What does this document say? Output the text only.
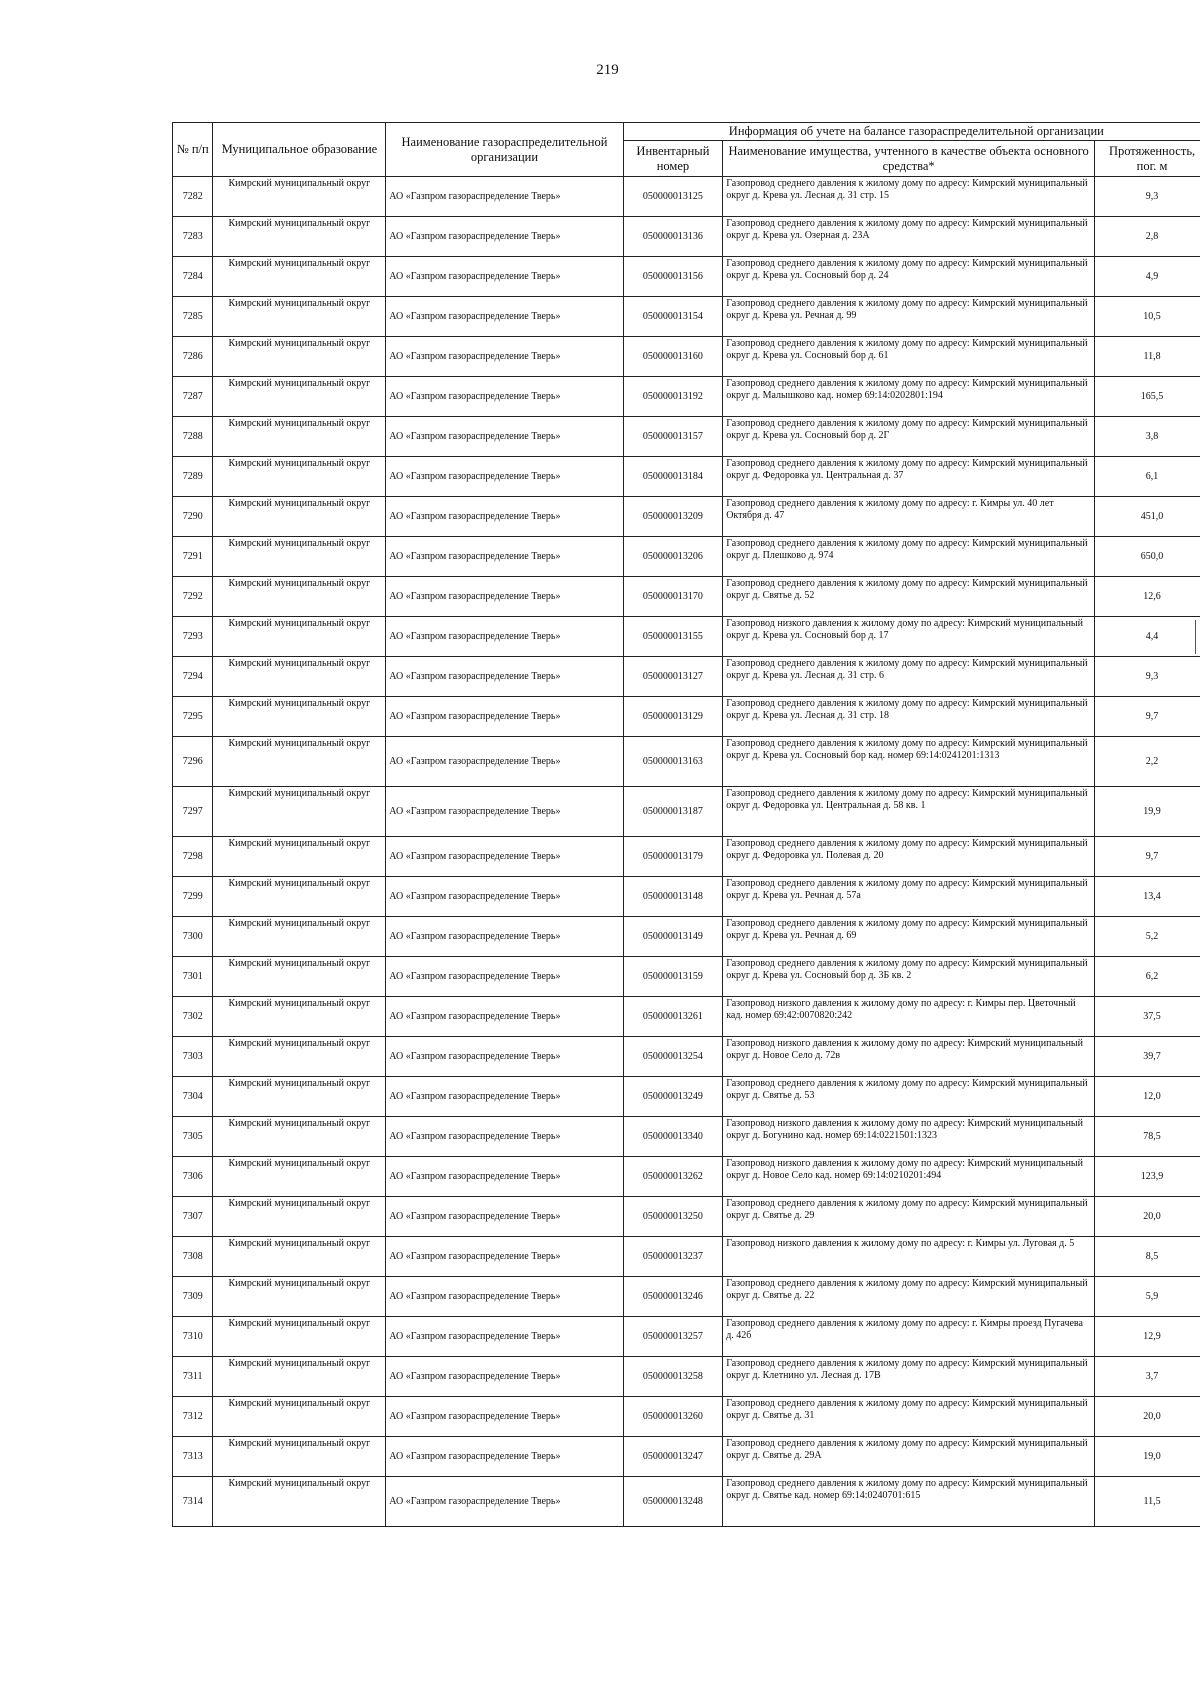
219
№ п/п	Муниципальное образование	Наименование газораспределительной организации	Информация об учете на балансе газораспределительной организации		
			Инвентарный номер	Наименование имущества, учтенного в качестве объекта основного средства*	Протяженность, пог. м
7282	Кимрский муниципальный округ	АО «Газпром газораспределение Тверь»	050000013125	Газопровод среднего давления к жилому дому по адресу: Кимрский муниципальный округ д. Крева ул. Лесная д. 31 стр. 15	9,3
7283	Кимрский муниципальный округ	АО «Газпром газораспределение Тверь»	050000013136	Газопровод среднего давления к жилому дому по адресу: Кимрский муниципальный округ д. Крева ул. Озерная д. 23А	2,8
7284	Кимрский муниципальный округ	АО «Газпром газораспределение Тверь»	050000013156	Газопровод среднего давления к жилому дому по адресу: Кимрский муниципальный округ д. Крева ул. Сосновый бор д. 24	4,9
7285	Кимрский муниципальный округ	АО «Газпром газораспределение Тверь»	050000013154	Газопровод среднего давления к жилому дому по адресу: Кимрский муниципальный округ д. Крева ул. Речная д. 99	10,5
7286	Кимрский муниципальный округ	АО «Газпром газораспределение Тверь»	050000013160	Газопровод среднего давления к жилому дому по адресу: Кимрский муниципальный округ д. Крева ул. Сосновый бор д. 61	11,8
7287	Кимрский муниципальный округ	АО «Газпром газораспределение Тверь»	050000013192	Газопровод среднего давления к жилому дому по адресу: Кимрский муниципальный округ д. Малышково кад. номер 69:14:0202801:194	165,5
7288	Кимрский муниципальный округ	АО «Газпром газораспределение Тверь»	050000013157	Газопровод среднего давления к жилому дому по адресу: Кимрский муниципальный округ д. Крева ул. Сосновый бор д. 2Г	3,8
7289	Кимрский муниципальный округ	АО «Газпром газораспределение Тверь»	050000013184	Газопровод среднего давления к жилому дому по адресу: Кимрский муниципальный округ д. Федоровка ул. Центральная д. 37	6,1
7290	Кимрский муниципальный округ	АО «Газпром газораспределение Тверь»	050000013209	Газопровод среднего давления к жилому дому по адресу: г. Кимры ул. 40 лет Октября д. 47	451,0
7291	Кимрский муниципальный округ	АО «Газпром газораспределение Тверь»	050000013206	Газопровод среднего давления к жилому дому по адресу: Кимрский муниципальный округ д. Плешково д. 974	650,0
7292	Кимрский муниципальный округ	АО «Газпром газораспределение Тверь»	050000013170	Газопровод среднего давления к жилому дому по адресу: Кимрский муниципальный округ д. Святье д. 52	12,6
7293	Кимрский муниципальный округ	АО «Газпром газораспределение Тверь»	050000013155	Газопровод низкого давления к жилому дому по адресу: Кимрский муниципальный округ д. Крева ул. Сосновый бор д. 17	4,4
7294	Кимрский муниципальный округ	АО «Газпром газораспределение Тверь»	050000013127	Газопровод среднего давления к жилому дому по адресу: Кимрский муниципальный округ д. Крева ул. Лесная д. 31 стр. 6	9,3
7295	Кимрский муниципальный округ	АО «Газпром газораспределение Тверь»	050000013129	Газопровод среднего давления к жилому дому по адресу: Кимрский муниципальный округ д. Крева ул. Лесная д. 31 стр. 18	9,7
7296	Кимрский муниципальный округ	АО «Газпром газораспределение Тверь»	050000013163	Газопровод среднего давления к жилому дому по адресу: Кимрский муниципальный округ д. Крева ул. Сосновый бор кад. номер 69:14:0241201:1313	2,2
7297	Кимрский муниципальный округ	АО «Газпром газораспределение Тверь»	050000013187	Газопровод среднего давления к жилому дому по адресу: Кимрский муниципальный округ д. Федоровка ул. Центральная д. 58 кв. 1	19,9
7298	Кимрский муниципальный округ	АО «Газпром газораспределение Тверь»	050000013179	Газопровод среднего давления к жилому дому по адресу: Кимрский муниципальный округ д. Федоровка ул. Полевая д. 20	9,7
7299	Кимрский муниципальный округ	АО «Газпром газораспределение Тверь»	050000013148	Газопровод среднего давления к жилому дому по адресу: Кимрский муниципальный округ д. Крева ул. Речная д. 57а	13,4
7300	Кимрский муниципальный округ	АО «Газпром газораспределение Тверь»	050000013149	Газопровод среднего давления к жилому дому по адресу: Кимрский муниципальный округ д. Крева ул. Речная д. 69	5,2
7301	Кимрский муниципальный округ	АО «Газпром газораспределение Тверь»	050000013159	Газопровод среднего давления к жилому дому по адресу: Кимрский муниципальный округ д. Крева ул. Сосновый бор д. 3Б кв. 2	6,2
7302	Кимрский муниципальный округ	АО «Газпром газораспределение Тверь»	050000013261	Газопровод низкого давления к жилому дому по адресу: г. Кимры пер. Цветочный кад. номер 69:42:0070820:242	37,5
7303	Кимрский муниципальный округ	АО «Газпром газораспределение Тверь»	050000013254	Газопровод низкого давления к жилому дому по адресу: Кимрский муниципальный округ д. Новое Село д. 72в	39,7
7304	Кимрский муниципальный округ	АО «Газпром газораспределение Тверь»	050000013249	Газопровод среднего давления к жилому дому по адресу: Кимрский муниципальный округ д. Святье д. 53	12,0
7305	Кимрский муниципальный округ	АО «Газпром газораспределение Тверь»	050000013340	Газопровод низкого давления к жилому дому по адресу: Кимрский муниципальный округ д. Богунино кад. номер 69:14:0221501:1323	78,5
7306	Кимрский муниципальный округ	АО «Газпром газораспределение Тверь»	050000013262	Газопровод низкого давления к жилому дому по адресу: Кимрский муниципальный округ д. Новое Село кад. номер 69:14:0210201:494	123,9
7307	Кимрский муниципальный округ	АО «Газпром газораспределение Тверь»	050000013250	Газопровод среднего давления к жилому дому по адресу: Кимрский муниципальный округ д. Святье д. 29	20,0
7308	Кимрский муниципальный округ	АО «Газпром газораспределение Тверь»	050000013237	Газопровод низкого давления к жилому дому по адресу: г. Кимры ул. Луговая д. 5	8,5
7309	Кимрский муниципальный округ	АО «Газпром газораспределение Тверь»	050000013246	Газопровод среднего давления к жилому дому по адресу: Кимрский муниципальный округ д. Святье д. 22	5,9
7310	Кимрский муниципальный округ	АО «Газпром газораспределение Тверь»	050000013257	Газопровод среднего давления к жилому дому по адресу: г. Кимры проезд Пугачева д. 42б	12,9
7311	Кимрский муниципальный округ	АО «Газпром газораспределение Тверь»	050000013258	Газопровод среднего давления к жилому дому по адресу: Кимрский муниципальный округ д. Клетнино ул. Лесная д. 17В	3,7
7312	Кимрский муниципальный округ	АО «Газпром газораспределение Тверь»	050000013260	Газопровод среднего давления к жилому дому по адресу: Кимрский муниципальный округ д. Святье д. 31	20,0
7313	Кимрский муниципальный округ	АО «Газпром газораспределение Тверь»	050000013247	Газопровод среднего давления к жилому дому по адресу: Кимрский муниципальный округ д. Святье д. 29А	19,0
7314	Кимрский муниципальный округ	АО «Газпром газораспределение Тверь»	050000013248	Газопровод среднего давления к жилому дому по адресу: Кимрский муниципальный округ д. Святье кад. номер 69:14:0240701:615	11,5
